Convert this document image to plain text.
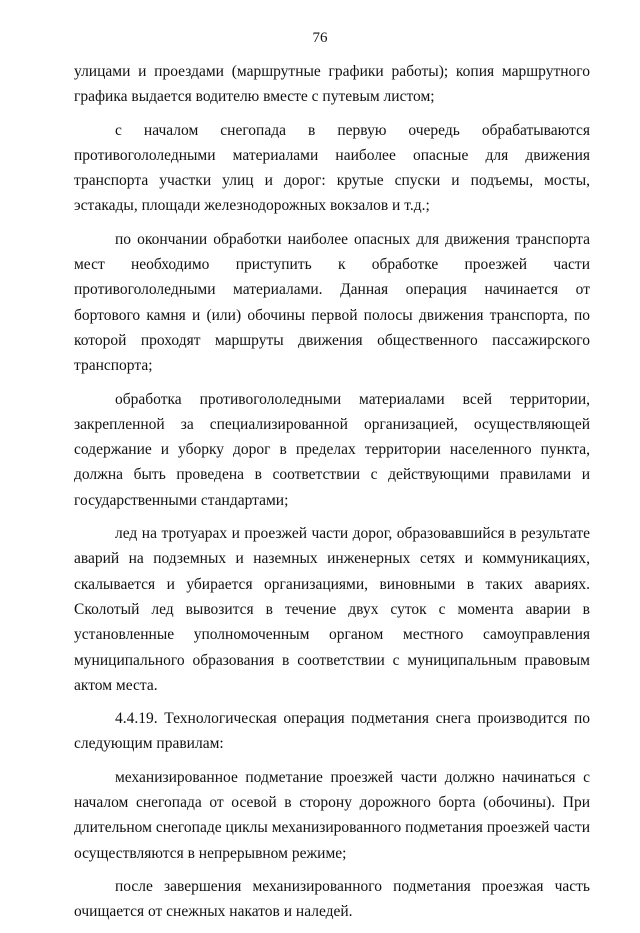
76

улицами и проездами (маршрутные графики работы); копия маршрутного графика выдается водителю вместе с путевым листом;

с началом снегопада в первую очередь обрабатываются противогололедными материалами наиболее опасные для движения транспорта участки улиц и дорог: крутые спуски и подъемы, мосты, эстакады, площади железнодорожных вокзалов и т.д.;

по окончании обработки наиболее опасных для движения транспорта мест необходимо приступить к обработке проезжей части противогололедными материалами. Данная операция начинается от бортового камня и (или) обочины первой полосы движения транспорта, по которой проходят маршруты движения общественного пассажирского транспорта;

обработка противогололедными материалами всей территории, закрепленной за специализированной организацией, осуществляющей содержание и уборку дорог в пределах территории населенного пункта, должна быть проведена в соответствии с действующими правилами и государственными стандартами;

лед на тротуарах и проезжей части дорог, образовавшийся в результате аварий на подземных и наземных инженерных сетях и коммуникациях, скалывается и убирается организациями, виновными в таких авариях. Сколотый лед вывозится в течение двух суток с момента аварии в установленные уполномоченным органом местного самоуправления муниципального образования в соответствии с муниципальным правовым актом места.

4.4.19. Технологическая операция подметания снега производится по следующим правилам:

механизированное подметание проезжей части должно начинаться с началом снегопада от осевой в сторону дорожного борта (обочины). При длительном снегопаде циклы механизированного подметания проезжей части осуществляются в непрерывном режиме;

после завершения механизированного подметания проезжая часть очищается от снежных накатов и наледей.
